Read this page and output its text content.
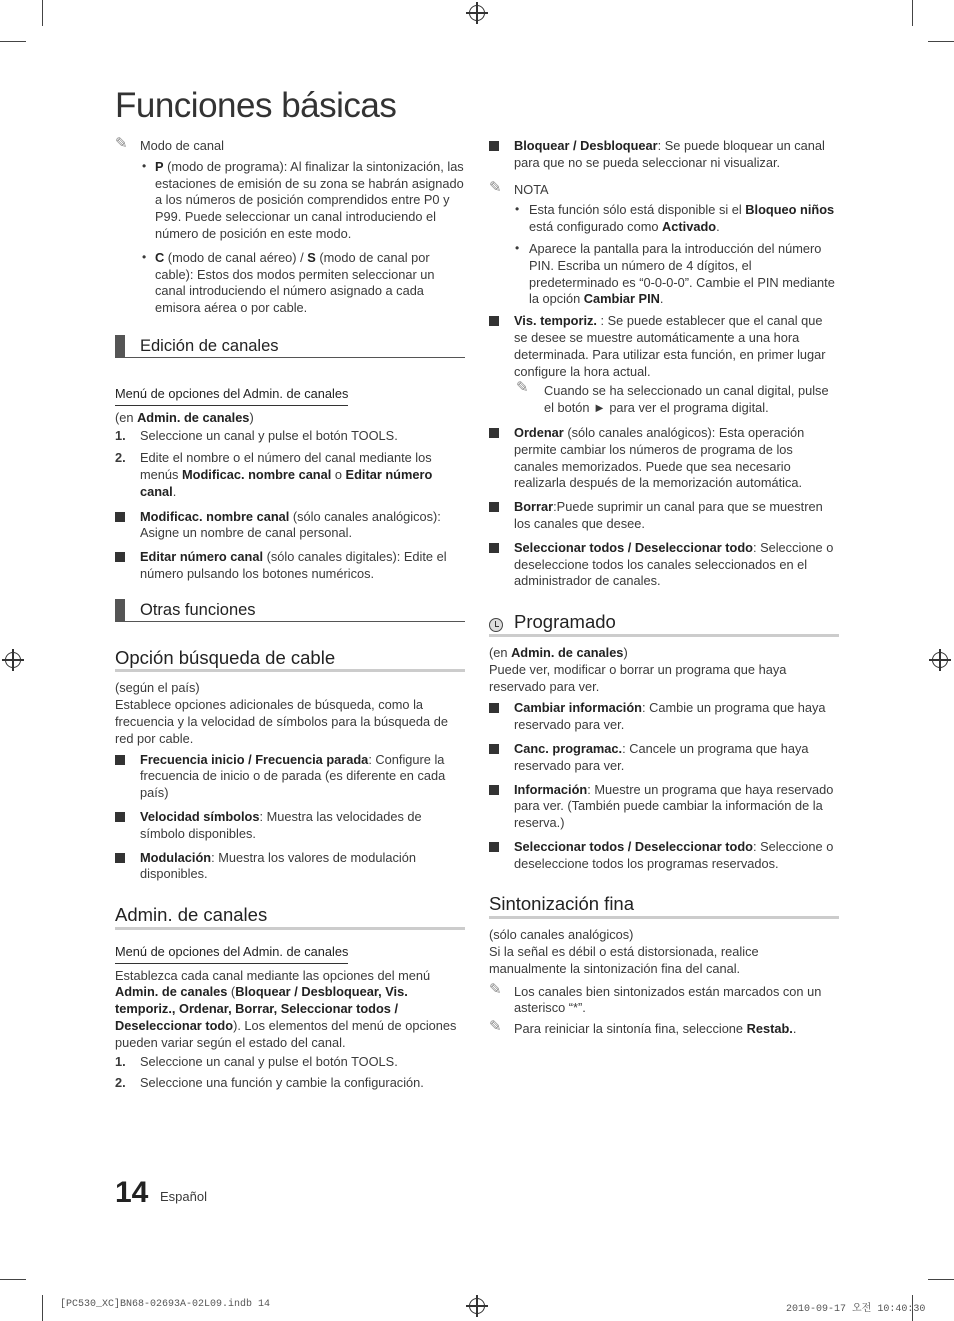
Funciones básicas
✎ Modo de canal
• P (modo de programa): Al finalizar la sintonización, las estaciones de emisión de su zona se habrán asignado a los números de posición comprendidos entre P0 y P99. Puede seleccionar un canal introduciendo el número de posición en este modo.
• C (modo de canal aéreo) / S (modo de canal por cable): Estos dos modos permiten seleccionar un canal introduciendo el número asignado a cada emisora aérea o por cable.
Edición de canales
Menú de opciones del Admin. de canales

(en Admin. de canales)

1. Seleccione un canal y pulse el botón TOOLS.
2. Edite el nombre o el número del canal mediante los menús Modificac. nombre canal o Editar número canal.
Modificac. nombre canal (sólo canales analógicos): Asigne un nombre de canal personal.
Editar número canal (sólo canales digitales): Edite el número pulsando los botones numéricos.
Otras funciones
Opción búsqueda de cable

(según el país)

Establece opciones adicionales de búsqueda, como la frecuencia y la velocidad de símbolos para la búsqueda de red por cable.

Frecuencia inicio / Frecuencia parada: Configure la frecuencia de inicio o de parada (es diferente en cada país)
Velocidad símbolos: Muestra las velocidades de símbolo disponibles.
Modulación: Muestra los valores de modulación disponibles.
Admin. de canales
Menú de opciones del Admin. de canales

Establezca cada canal mediante las opciones del menú Admin. de canales (Bloquear / Desbloquear, Vis. temporiz., Ordenar, Borrar, Seleccionar todos / Deseleccionar todo). Los elementos del menú de opciones pueden variar según el estado del canal.

1. Seleccione un canal y pulse el botón TOOLS.
2. Seleccione una función y cambie la configuración.
Bloquear / Desbloquear: Se puede bloquear un canal para que no se pueda seleccionar ni visualizar.
✎ NOTA
• Esta función sólo está disponible si el Bloqueo niños está configurado como Activado.
• Aparece la pantalla para la introducción del número PIN. Escriba un número de 4 dígitos, el predeterminado es “0-0-0-0”. Cambie el PIN mediante la opción Cambiar PIN.
Vis. temporiz. : Se puede establecer que el canal que se desee se muestre automáticamente a una hora determinada. Para utilizar esta función, en primer lugar configure la hora actual.
✎ Cuando se ha seleccionado un canal digital, pulse el botón ► para ver el programa digital.
Ordenar (sólo canales analógicos): Esta operación permite cambiar los números de programa de los canales memorizados. Puede que sea necesario realizarla después de la memorización automática.
Borrar:Puede suprimir un canal para que se muestren los canales que desee.
Seleccionar todos / Deseleccionar todo: Seleccione o deseleccione todos los canales seleccionados en el administrador de canales.
Programado

(en Admin. de canales)

Puede ver, modificar o borrar un programa que haya reservado para ver.

Cambiar información: Cambie un programa que haya reservado para ver.
Canc. programac.: Cancele un programa que haya reservado para ver.
Información: Muestre un programa que haya reservado para ver. (También puede cambiar la información de la reserva.)
Seleccionar todos / Deseleccionar todo: Seleccione o deseleccione todos los programas reservados.
Sintonización fina

(sólo canales analógicos)

Si la señal es débil o está distorsionada, realice manualmente la sintonización fina del canal.

✎ Los canales bien sintonizados están marcados con un asterisco “*”.
✎ Para reiniciar la sintonía fina, seleccione Restab..
14 Español
[PC530_XC]BN68-02693A-02L09.indb 14	2010-09-17 오전 10:40:30
